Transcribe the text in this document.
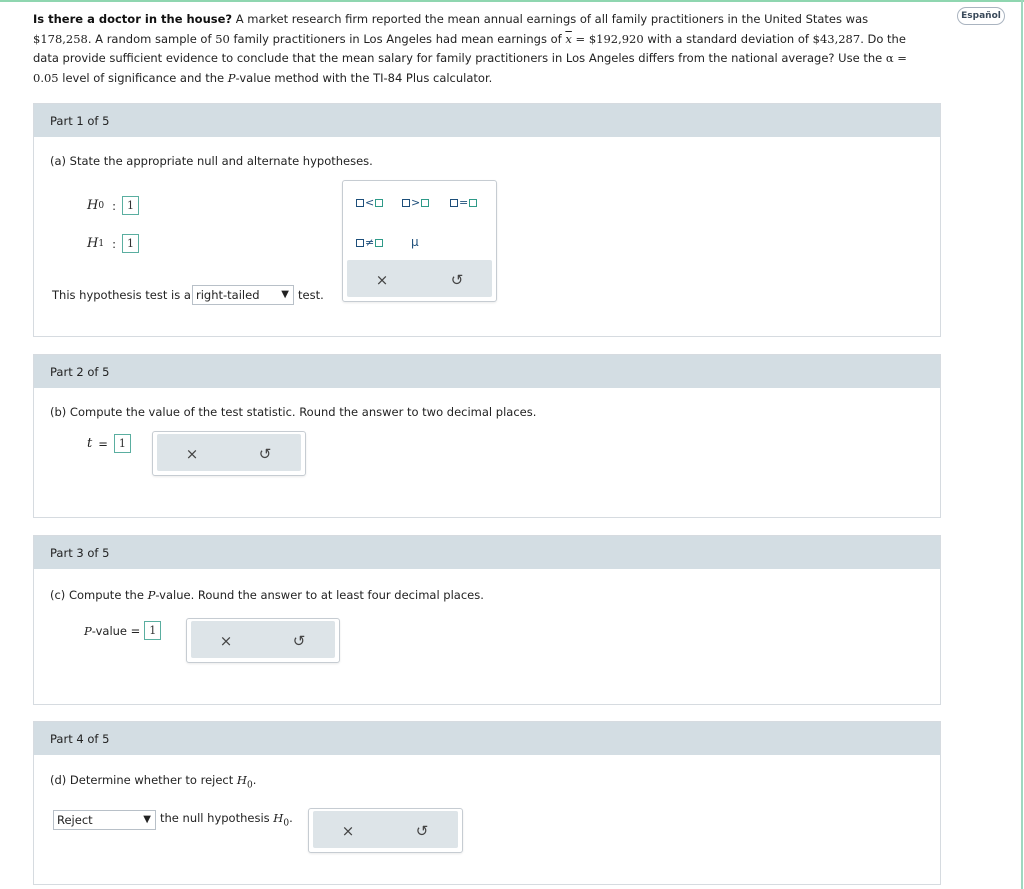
Español
Is there a doctor in the house? A market research firm reported the mean annual earnings of all family practitioners in the United States was $178,258. A random sample of 50 family practitioners in Los Angeles had mean earnings of $\overline{x}$ = $192,920 with a standard deviation of $43,287. Do the data provide sufficient evidence to conclude that the mean salary for family practitioners in Los Angeles differs from the national average? Use the α = 0.05 level of significance and the P-value method with the TI-84 Plus calculator.
Part 1 of 5
(a) State the appropriate null and alternate hypotheses.
H 0 :	1
H 1 :	1
This hypothesis test is a right-tailed ▼ test.
<	>	=
≠	μ
×	↺
Part 2 of 5
(b) Compute the value of the test statistic. Round the answer to two decimal places.
t =	1
×	↺
Part 3 of 5
(c) Compute the P-value. Round the answer to at least four decimal places.
P -value = 1
×	↺
Part 4 of 5
(d) Determine whether to reject $H_0$.
Reject	▼ the null hypothesis $H_0$.
×	↺
